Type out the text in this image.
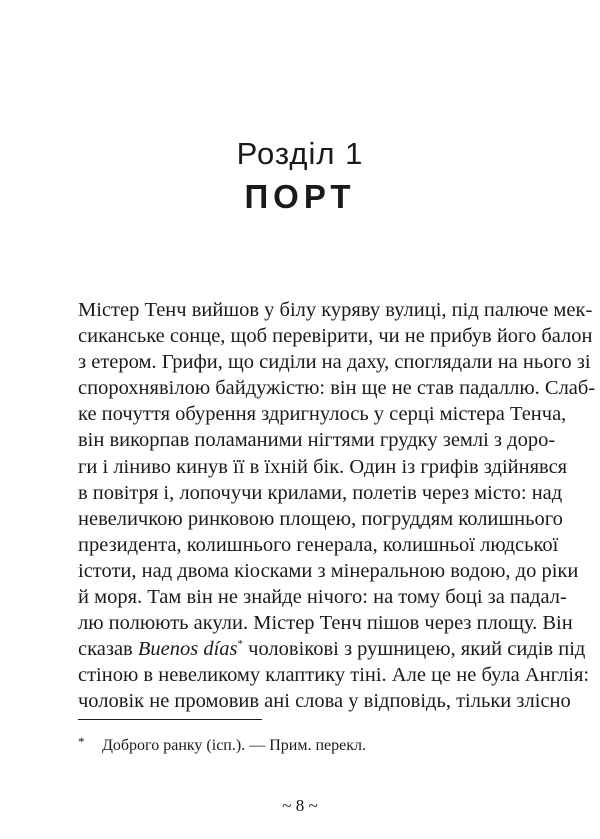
Розділ 1
ПОРТ
Містер Тенч вийшов у білу куряву вулиці, під палюче мек-
сиканське сонце, щоб перевірити, чи не прибув його балон
з етером. Грифи, що сиділи на даху, споглядали на нього зі
спорохнявілою байдужістю: він ще не став падаллю. Слаб-
ке почуття обурення здригнулось у серці містера Тенча,
він викорпав поламаними нігтями грудку землі з доро-
ги і ліниво кинув її в їхній бік. Один із грифів здійнявся
в повітря і, лопочучи крилами, полетів через місто: над
невеличкою ринковою площею, погруддям колишнього
президента, колишнього генерала, колишньої людської
істоти, над двома кіосками з мінеральною водою, до ріки
й моря. Там він не знайде нічого: на тому боці за падал-
лю полюють акули. Містер Тенч пішов через площу. Він
сказав Buenos días* чоловікові з рушницею, який сидів під
стіною в невеликому клаптику тіні. Але це не була Англія:
чоловік не промовив ані слова у відповідь, тільки злісно
* Доброго ранку (ісп.). — Прим. перекл.
~ 8 ~
